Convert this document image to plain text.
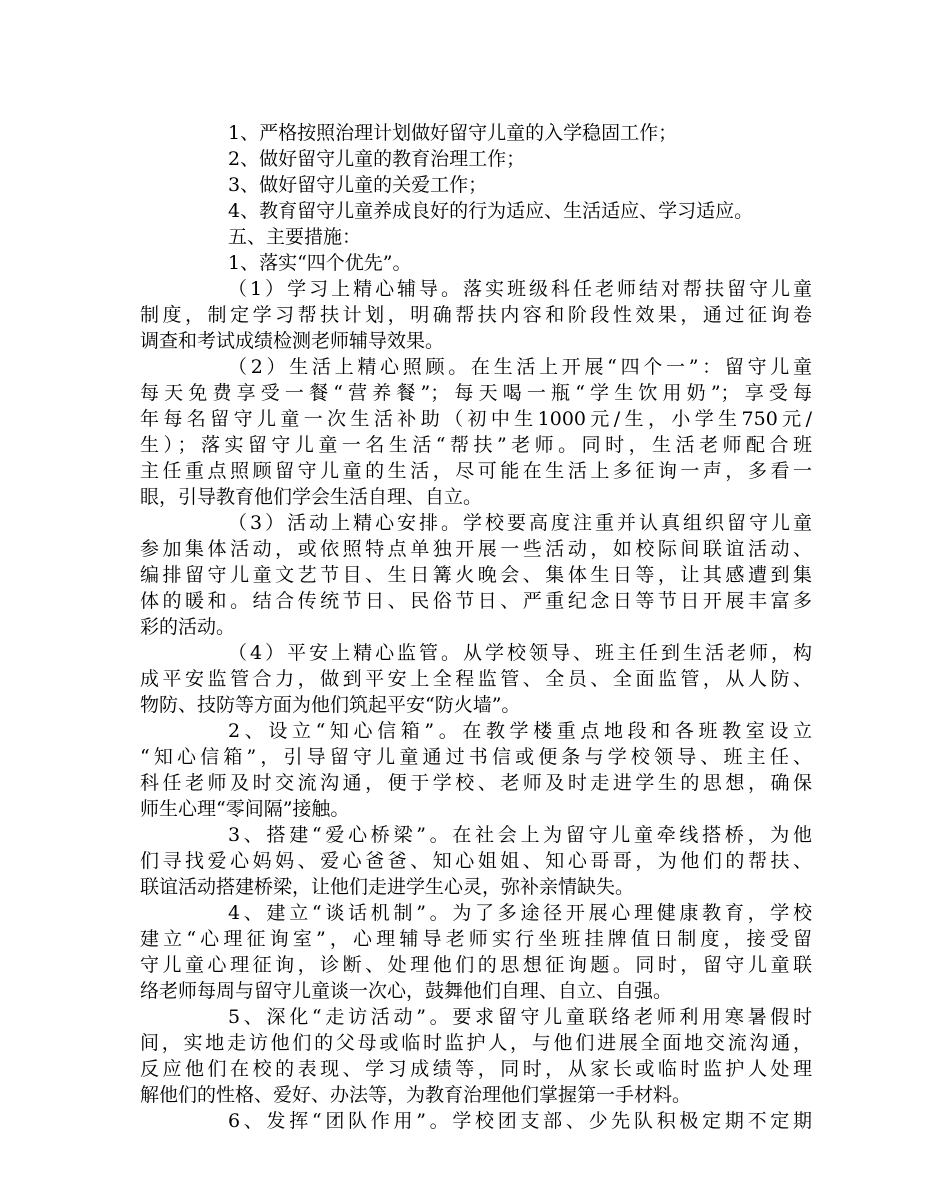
1、严格按照治理计划做好留守儿童的入学稳固工作；
2、做好留守儿童的教育治理工作；
3、做好留守儿童的关爱工作；
4、教育留守儿童养成良好的行为适应、生活适应、学习适应。
五、主要措施：
1、落实“四个优先”。
（1）学习上精心辅导。落实班级科任老师结对帮扶留守儿童
制度，制定学习帮扶计划，明确帮扶内容和阶段性效果，通过征询卷
调查和考试成绩检测老师辅导效果。
（2）生活上精心照顾。在生活上开展“四个一”：留守儿童
每天免费享受一餐“营养餐”；每天喝一瓶“学生饮用奶”；享受每
年每名留守儿童一次生活补助（初中生1000元/生，小学生750元/
生）；落实留守儿童一名生活“帮扶”老师。同时，生活老师配合班
主任重点照顾留守儿童的生活，尽可能在生活上多征询一声，多看一
眼，引导教育他们学会生活自理、自立。
（3）活动上精心安排。学校要高度注重并认真组织留守儿童
参加集体活动，或依照特点单独开展一些活动，如校际间联谊活动、
编排留守儿童文艺节目、生日篝火晚会、集体生日等，让其感遭到集
体的暖和。结合传统节日、民俗节日、严重纪念日等节日开展丰富多
彩的活动。
（4）平安上精心监管。从学校领导、班主任到生活老师，构
成平安监管合力，做到平安上全程监管、全员、全面监管，从人防、
物防、技防等方面为他们筑起平安“防火墙”。
2、设立“知心信箱”。在教学楼重点地段和各班教室设立
“知心信箱”，引导留守儿童通过书信或便条与学校领导、班主任、
科任老师及时交流沟通，便于学校、老师及时走进学生的思想，确保
师生心理“零间隔”接触。
3、搭建“爱心桥梁”。在社会上为留守儿童牵线搭桥，为他
们寻找爱心妈妈、爱心爸爸、知心姐姐、知心哥哥，为他们的帮扶、
联谊活动搭建桥梁，让他们走进学生心灵，弥补亲情缺失。
4、建立“谈话机制”。为了多途径开展心理健康教育，学校
建立“心理征询室”，心理辅导老师实行坐班挂牌值日制度，接受留
守儿童心理征询，诊断、处理他们的思想征询题。同时，留守儿童联
络老师每周与留守儿童谈一次心，鼓舞他们自理、自立、自强。
5、深化“走访活动”。要求留守儿童联络老师利用寒暑假时
间，实地走访他们的父母或临时监护人，与他们进展全面地交流沟通，
反应他们在校的表现、学习成绩等，同时，从家长或临时监护人处理
解他们的性格、爱好、办法等，为教育治理他们掌握第一手材料。
6、发挥“团队作用”。学校团支部、少先队积极定期不定期
